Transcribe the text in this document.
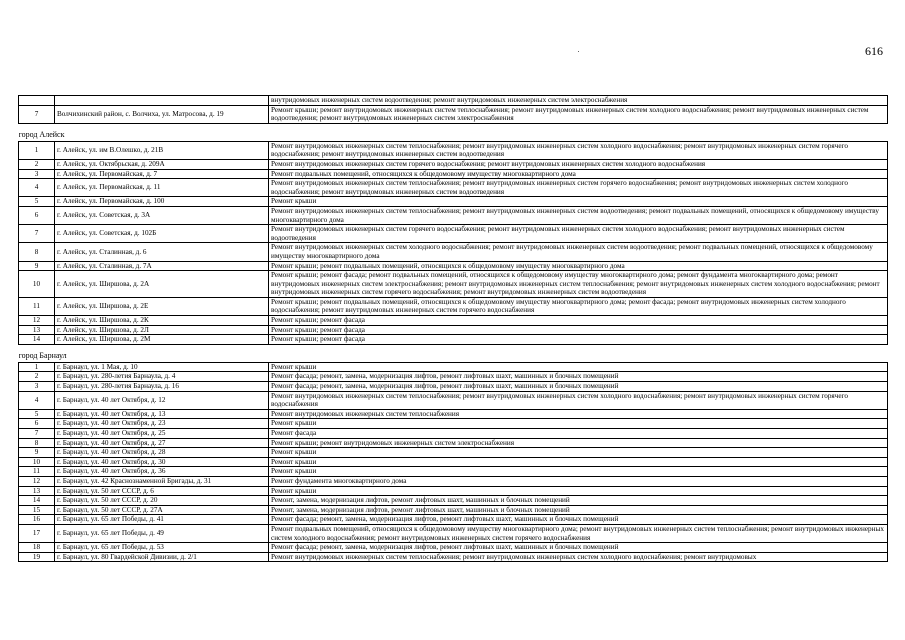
616
		внутридомовых инженерных систем водоотведения; ремонт внутридомовых инженерных систем электроснабжения
7	Волчихинский район, с. Волчиха, ул. Матросова, д. 19	Ремонт крыши; ремонт внутридомовых инженерных систем теплоснабжения; ремонт внутридомовых инженерных систем холодного водоснабжения; ремонт внутридомовых инженерных систем водоотведения; ремонт внутридомовых инженерных систем электроснабжения
город Алейск		
1	г. Алейск, ул. им В.Олешко, д. 21В	Ремонт внутридомовых инженерных систем теплоснабжения; ремонт внутридомовых инженерных систем холодного водоснабжения; ремонт внутридомовых инженерных систем горячего водоснабжения; ремонт внутридомовых инженерных систем водоотведения
2	г. Алейск, ул. Октябрьская, д. 209А	Ремонт внутридомовых инженерных систем горячего водоснабжения; ремонт внутридомовых инженерных систем холодного водоснабжения
3	г. Алейск, ул. Первомайская, д. 7	Ремонт подвальных помещений, относящихся к общедомовому имуществу многоквартирного дома
4	г. Алейск, ул. Первомайская, д. 11	Ремонт внутридомовых инженерных систем теплоснабжения; ремонт внутридомовых инженерных систем горячего водоснабжения; ремонт внутридомовых инженерных систем холодного водоснабжения; ремонт внутридомовых инженерных систем водоотведения
5	г. Алейск, ул. Первомайская, д. 100	Ремонт крыши
6	г. Алейск, ул. Советская, д. 3А	Ремонт внутридомовых инженерных систем теплоснабжения; ремонт внутридомовых инженерных систем водоотведения; ремонт подвальных помещений, относящихся к общедомовому имуществу многоквартирного дома
7	г. Алейск, ул. Советская, д. 102Б	Ремонт внутридомовых инженерных систем горячего водоснабжения; ремонт внутридомовых инженерных систем холодного водоснабжения; ремонт внутридомовых инженерных систем водоотведения
8	г. Алейск, ул. Сталинная, д. 6	Ремонт внутридомовых инженерных систем холодного водоснабжения; ремонт внутридомовых инженерных систем водоотведения; ремонт подвальных помещений, относящихся к общедомовому имуществу многоквартирного дома
9	г. Алейск, ул. Сталинная, д. 7А	Ремонт крыши; ремонт подвальных помещений, относящихся к общедомовому имуществу многоквартирного дома
10	г. Алейск, ул. Ширшова, д. 2А	Ремонт крыши; ремонт фасада; ремонт подвальных помещений, относящихся к общедомовому имуществу многоквартирного дома; ремонт фундамента многоквартирного дома; ремонт внутридомовых инженерных систем электроснабжения; ремонт внутридомовых инженерных систем теплоснабжения; ремонт внутридомовых инженерных систем холодного водоснабжения; ремонт внутридомовых инженерных систем горячего водоснабжения; ремонт внутридомовых инженерных систем водоотведения
11	г. Алейск, ул. Ширшова, д. 2Е	Ремонт крыши; ремонт подвальных помещений, относящихся к общедомовому имуществу многоквартирного дома; ремонт фасада; ремонт внутридомовых инженерных систем холодного водоснабжения; ремонт внутридомовых инженерных систем горячего водоснабжения
12	г. Алейск, ул. Ширшова, д. 2К	Ремонт крыши; ремонт фасада
13	г. Алейск, ул. Ширшова, д. 2Л	Ремонт крыши; ремонт фасада
14	г. Алейск, ул. Ширшова, д. 2М	Ремонт крыши; ремонт фасада
город Барнаул		
1	г. Барнаул, ул. 1 Мая, д. 10	Ремонт крыши
2	г. Барнаул, ул. 280-летия Барнаула, д. 4	Ремонт фасада; ремонт, замена, модернизация лифтов, ремонт лифтовых шахт, машинных и блочных помещений
3	г. Барнаул, ул. 280-летия Барнаула, д. 16	Ремонт фасада; ремонт, замена, модернизация лифтов, ремонт лифтовых шахт, машинных и блочных помещений
4	г. Барнаул, ул. 40 лет Октября, д. 12	Ремонт внутридомовых инженерных систем теплоснабжения; ремонт внутридомовых инженерных систем холодного водоснабжения; ремонт внутридомовых инженерных систем горячего водоснабжения
5	г. Барнаул, ул. 40 лет Октября, д. 13	Ремонт внутридомовых инженерных систем теплоснабжения
6	г. Барнаул, ул. 40 лет Октября, д. 23	Ремонт крыши
7	г. Барнаул, ул. 40 лет Октября, д. 25	Ремонт фасада
8	г. Барнаул, ул. 40 лет Октября, д. 27	Ремонт крыши; ремонт внутридомовых инженерных систем электроснабжения
9	г. Барнаул, ул. 40 лет Октября, д. 28	Ремонт крыши
10	г. Барнаул, ул. 40 лет Октября, д. 30	Ремонт крыши
11	г. Барнаул, ул. 40 лет Октября, д. 36	Ремонт крыши
12	г. Барнаул, ул. 42 Краснознаменной Бригады, д. 31	Ремонт фундамента многоквартирного дома
13	г. Барнаул, ул. 50 лет СССР, д. 6	Ремонт крыши
14	г. Барнаул, ул. 50 лет СССР, д. 20	Ремонт, замена, модернизация лифтов, ремонт лифтовых шахт, машинных и блочных помещений
15	г. Барнаул, ул. 50 лет СССР, д. 27А	Ремонт, замена, модернизация лифтов, ремонт лифтовых шахт, машинных и блочных помещений
16	г. Барнаул, ул. 65 лет Победы, д. 41	Ремонт фасада; ремонт, замена, модернизация лифтов, ремонт лифтовых шахт, машинных и блочных помещений
17	г. Барнаул, ул. 65 лет Победы, д. 49	Ремонт подвальных помещений, относящихся к общедомовому имуществу многоквартирного дома; ремонт внутридомовых инженерных систем теплоснабжения; ремонт внутридомовых инженерных систем холодного водоснабжения; ремонт внутридомовых инженерных систем горячего водоснабжения
18	г. Барнаул, ул. 65 лет Победы, д. 53	Ремонт фасада; ремонт, замена, модернизация лифтов, ремонт лифтовых шахт, машинных и блочных помещений
19	г. Барнаул, ул. 80 Гвардейской Дивизии, д. 2/1	Ремонт внутридомовых инженерных систем теплоснабжения; ремонт внутридомовых инженерных систем холодного водоснабжения; ремонт внутридомовых
